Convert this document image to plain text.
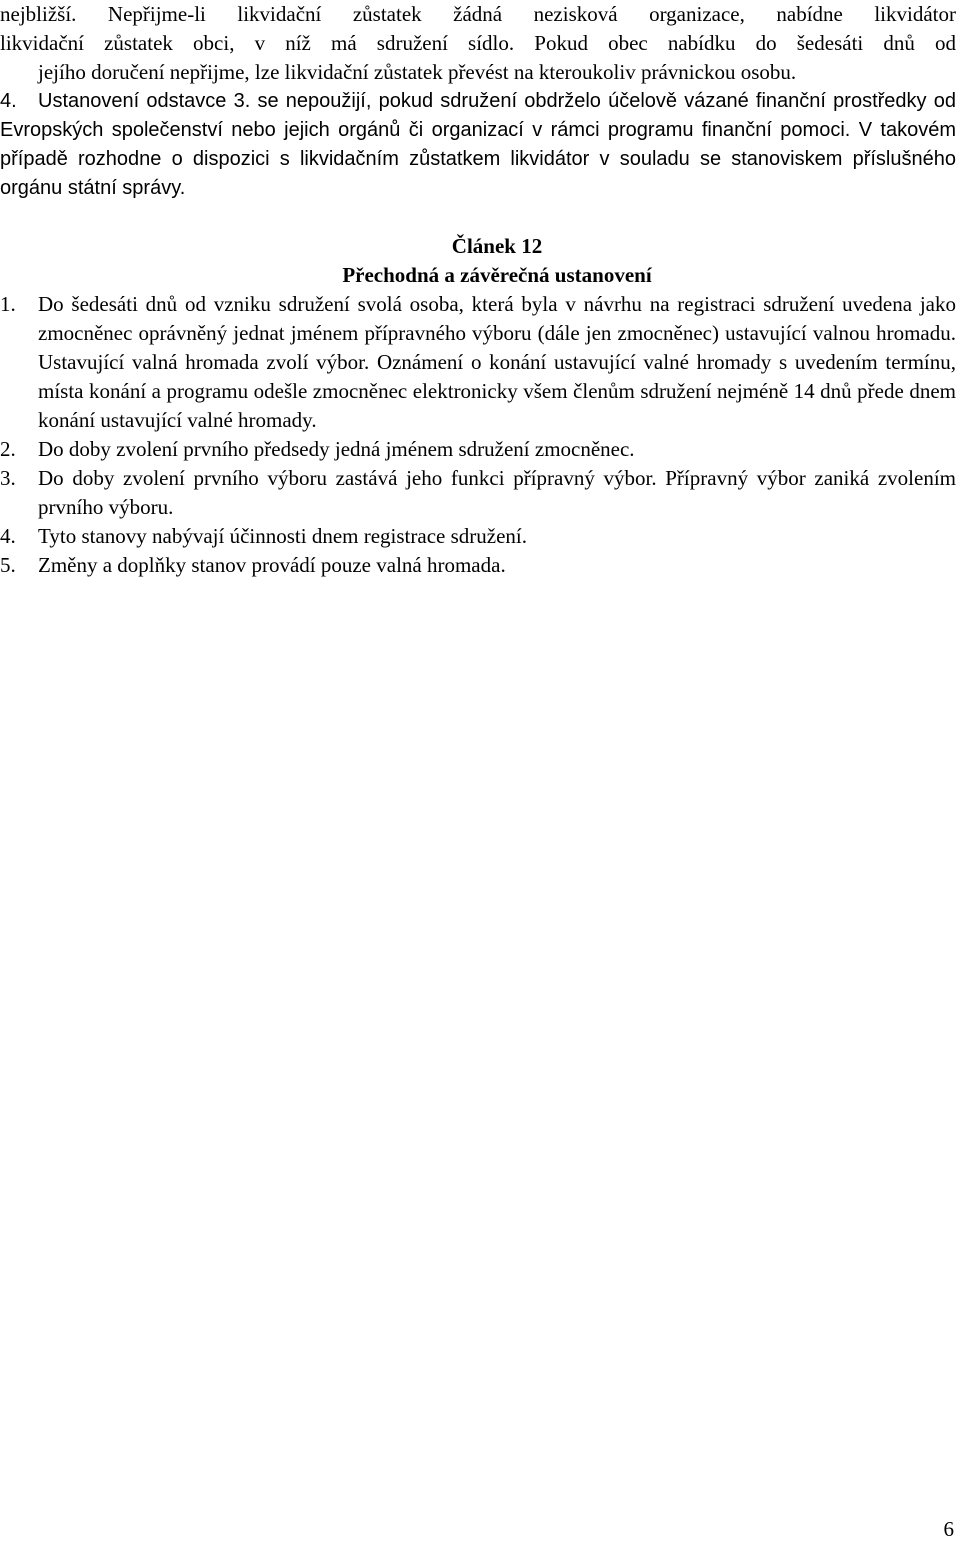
nejbližší. Nepřijme-li likvidační zůstatek žádná nezisková organizace, nabídne likvidátor
likvidační zůstatek obci, v níž má sdružení sídlo. Pokud obec nabídku do šedesáti dnů od
jejího doručení nepřijme, lze likvidační zůstatek převést na kteroukoliv právnickou osobu.
4. Ustanovení odstavce 3. se nepoužijí, pokud sdružení obdrželo účelově vázané finanční prostředky od Evropských společenství nebo jejich orgánů či organizací v rámci programu finanční pomoci. V takovém případě rozhodne o dispozici s likvidačním zůstatkem likvidátor v souladu se stanoviskem příslušného orgánu státní správy.
Článek 12
Přechodná a závěrečná ustanovení
1. Do šedesáti dnů od vzniku sdružení svolá osoba, která byla v návrhu na registraci sdružení uvedena jako zmocněnec oprávněný jednat jménem přípravného výboru (dále jen zmocněnec) ustavující valnou hromadu. Ustavující valná hromada zvolí výbor. Oznámení o konání ustavující valné hromady s uvedením termínu, místa konání a programu odešle zmocněnec elektronicky všem členům sdružení nejméně 14 dnů přede dnem konání ustavující valné hromady.
2. Do doby zvolení prvního předsedy jedná jménem sdružení zmocněnec.
3. Do doby zvolení prvního výboru zastává jeho funkci přípravný výbor. Přípravný výbor zaniká zvolením prvního výboru.
4. Tyto stanovy nabývají účinnosti dnem registrace sdružení.
5. Změny a doplňky stanov provádí pouze valná hromada.
6
